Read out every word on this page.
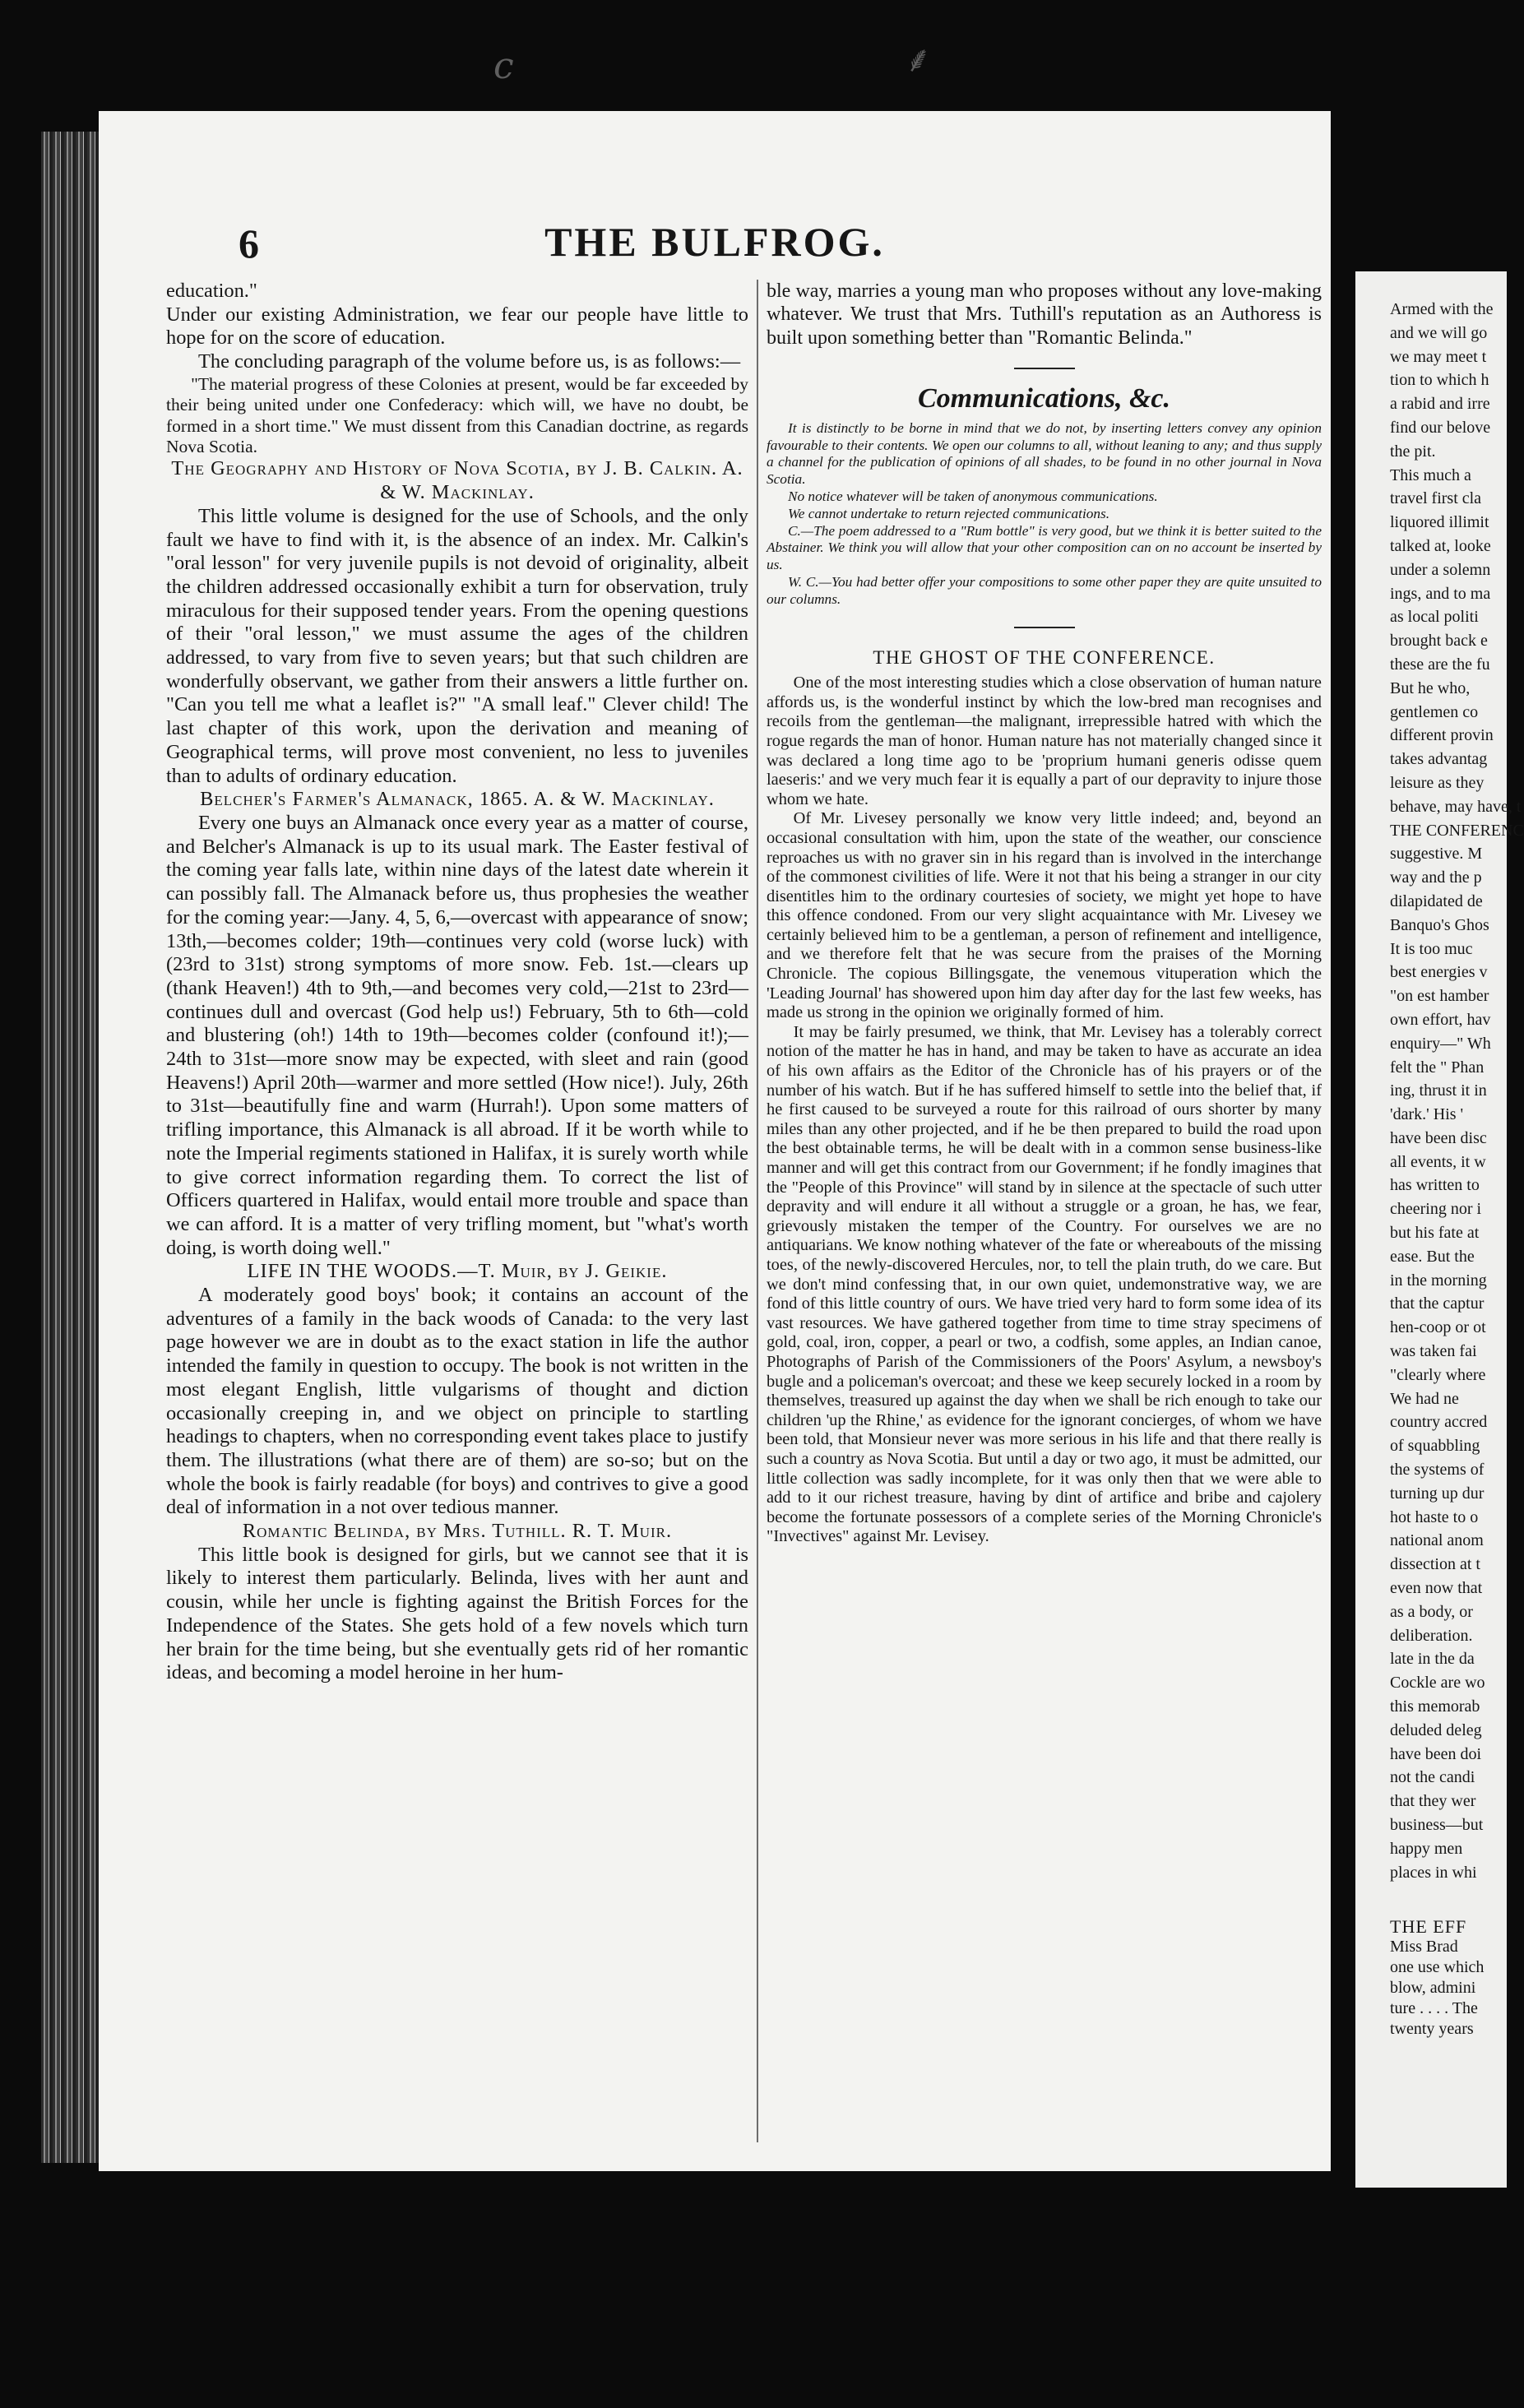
𝑐	⸙
THE BULFROG.
6

education."

Under our existing Administration, we fear our people have little to hope for on the score of education.

The concluding paragraph of the volume before us, is as follows:—

"The material progress of these Colonies at present, would be far exceeded by their being united under one Confederacy: which will, we have no doubt, be formed in a short time." We must dissent from this Canadian doctrine, as regards Nova Scotia.

The Geography and History of Nova Scotia, by J. B. Calkin. A. & W. Mackinlay.

This little volume is designed for the use of Schools, and the only fault we have to find with it, is the absence of an index. Mr. Calkin's "oral lesson" for very juvenile pupils is not devoid of originality, albeit the children addressed occasionally exhibit a turn for observation, truly miraculous for their supposed tender years. From the opening questions of their "oral lesson," we must assume the ages of the children addressed, to vary from five to seven years; but that such children are wonderfully observant, we gather from their answers a little further on. "Can you tell me what a leaflet is?" "A small leaf." Clever child! The last chapter of this work, upon the derivation and meaning of Geographical terms, will prove most convenient, no less to juveniles than to adults of ordinary education.

Belcher's Farmer's Almanack, 1865. A. & W. Mackinlay.

Every one buys an Almanack once every year as a matter of course, and Belcher's Almanack is up to its usual mark. The Easter festival of the coming year falls late, within nine days of the latest date wherein it can possibly fall. The Almanack before us, thus prophesies the weather for the coming year:—Jany. 4, 5, 6,—overcast with appearance of snow; 13th,—becomes colder; 19th—continues very cold (worse luck) with (23rd to 31st) strong symptoms of more snow. Feb. 1st.—clears up (thank Heaven!) 4th to 9th,—and becomes very cold,—21st to 23rd—continues dull and overcast (God help us!) February, 5th to 6th—cold and blustering (oh!) 14th to 19th—becomes colder (confound it!);—24th to 31st—more snow may be expected, with sleet and rain (good Heavens!) April 20th—warmer and more settled (How nice!). July, 26th to 31st—beautifully fine and warm (Hurrah!). Upon some matters of trifling importance, this Almanack is all abroad. If it be worth while to note the Imperial regiments stationed in Halifax, it is surely worth while to give correct information regarding them. To correct the list of Officers quartered in Halifax, would entail more trouble and space than we can afford. It is a matter of very trifling moment, but "what's worth doing, is worth doing well."

LIFE IN THE WOODS.—T. Muir, by J. Geikie.

A moderately good boys' book; it contains an account of the adventures of a family in the back woods of Canada: to the very last page however we are in doubt as to the exact station in life the author intended the family in question to occupy. The book is not written in the most elegant English, little vulgarisms of thought and diction occasionally creeping in, and we object on principle to startling headings to chapters, when no corresponding event takes place to justify them. The illustrations (what there are of them) are so-so; but on the whole the book is fairly readable (for boys) and contrives to give a good deal of information in a not over tedious manner.

Romantic Belinda, by Mrs. Tuthill. R. T. Muir.

This little book is designed for girls, but we cannot see that it is likely to interest them particularly. Belinda, lives with her aunt and cousin, while her uncle is fighting against the British Forces for the Independence of the States. She gets hold of a few novels which turn her brain for the time being, but she eventually gets rid of her romantic ideas, and becoming a model heroine in her hum-

ble way, marries a young man who proposes without any love-making whatever. We trust that Mrs. Tuthill's reputation as an Authoress is built upon something better than "Romantic Belinda."

Communications, &c.

It is distinctly to be borne in mind that we do not, by inserting letters convey any opinion favourable to their contents. We open our columns to all, without leaning to any; and thus supply a channel for the publication of opinions of all shades, to be found in no other journal in Nova Scotia.

No notice whatever will be taken of anonymous communications.

We cannot undertake to return rejected communications.

C.—The poem addressed to a "Rum bottle" is very good, but we think it is better suited to the Abstainer. We think you will allow that your other composition can on no account be inserted by us.

W. C.—You had better offer your compositions to some other paper they are quite unsuited to our columns.

THE GHOST OF THE CONFERENCE.

One of the most interesting studies which a close observation of human nature affords us, is the wonderful instinct by which the low-bred man recognises and recoils from the gentleman—the malignant, irrepressible hatred with which the rogue regards the man of honor. Human nature has not materially changed since it was declared a long time ago to be 'proprium humani generis odisse quem laeseris:' and we very much fear it is equally a part of our depravity to injure those whom we hate.

Of Mr. Livesey personally we know very little indeed; and, beyond an occasional consultation with him, upon the state of the weather, our conscience reproaches us with no graver sin in his regard than is involved in the interchange of the commonest civilities of life. Were it not that his being a stranger in our city disentitles him to the ordinary courtesies of society, we might yet hope to have this offence condoned. From our very slight acquaintance with Mr. Livesey we certainly believed him to be a gentleman, a person of refinement and intelligence, and we therefore felt that he was secure from the praises of the Morning Chronicle. The copious Billingsgate, the venemous vituperation which the 'Leading Journal' has showered upon him day after day for the last few weeks, has made us strong in the opinion we originally formed of him.

It may be fairly presumed, we think, that Mr. Levisey has a tolerably correct notion of the matter he has in hand, and may be taken to have as accurate an idea of his own affairs as the Editor of the Chronicle has of his prayers or of the number of his watch. But if he has suffered himself to settle into the belief that, if he first caused to be surveyed a route for this railroad of ours shorter by many miles than any other projected, and if he be then prepared to build the road upon the best obtainable terms, he will be dealt with in a common sense business-like manner and will get this contract from our Government; if he fondly imagines that the "People of this Province" will stand by in silence at the spectacle of such utter depravity and will endure it all without a struggle or a groan, he has, we fear, grievously mistaken the temper of the Country. For ourselves we are no antiquarians. We know nothing whatever of the fate or whereabouts of the missing toes, of the newly-discovered Hercules, nor, to tell the plain truth, do we care. But we don't mind confessing that, in our own quiet, undemonstrative way, we are fond of this little country of ours. We have tried very hard to form some idea of its vast resources. We have gathered together from time to time stray specimens of gold, coal, iron, copper, a pearl or two, a codfish, some apples, an Indian canoe, Photographs of Parish of the Commissioners of the Poors' Asylum, a newsboy's bugle and a policeman's overcoat; and these we keep securely locked in a room by themselves, treasured up against the day when we shall be rich enough to take our children 'up the Rhine,' as evidence for the ignorant concierges, of whom we have been told, that Monsieur never was more serious in his life and that there really is such a country as Nova Scotia. But until a day or two ago, it must be admitted, our little collection was sadly incomplete, for it was only then that we were able to add to it our richest treasure, having by dint of artifice and bribe and cajolery become the fortunate possessors of a complete series of the Morning Chronicle's "Invectives" against Mr. Levisey.

Armed with the
and we will go
we may meet t
tion to which h
a rabid and irre
find our belove
the pit.
This much a
travel first cla
liquored illimit
talked at, looke
under a solemn
ings, and to ma
as local politi
brought back e
these are the fu
But he who,
gentlemen co
different provin
takes advantag
leisure as they
behave, may have, t
THE CONFERENC
suggestive. M
way and the p
dilapidated de
Banquo's Ghos
It is too muc
best energies v
"on est hamber
own effort, hav
enquiry—" Wh
felt the " Phan
ing, thrust it in
'dark.' His '
have been disc
all events, it w
has written to
cheering nor i
but his fate at
ease. But the
in the morning
that the captur
hen-coop or ot
was taken fai
"clearly where
We had ne
country accred
of squabbling
the systems of
turning up dur
hot haste to o
national anom
dissection at t
even now that
as a body, or
deliberation.
late in the da
Cockle are wo
this memorab
deluded deleg
have been doi
not the candi
that they wer
business—but
happy men
places in whi
THE EFF
Miss Brad
one use which
blow, admini
ture . . . . The
twenty years
